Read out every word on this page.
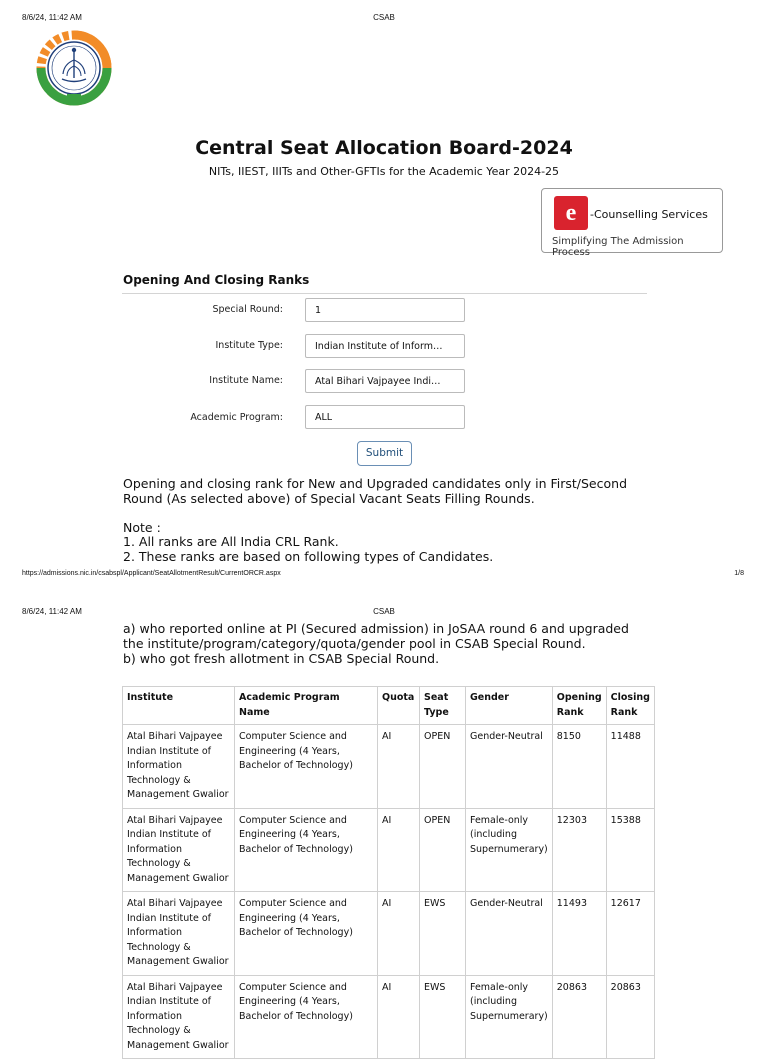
8/6/24, 11:42 AM	CSAB
Central Seat Allocation Board-2024
NITs, IIEST, IIITs and Other-GFTIs for the Academic Year 2024-25
e	-Counselling Services
Simplifying The Admission Process
Opening And Closing Ranks
Special Round:	1
Institute Type:	Indian Institute of Inform…
Institute Name:	Atal Bihari Vajpayee Indi…
Academic Program:	ALL
Submit
Opening and closing rank for New and Upgraded candidates only in First/Second Round (As selected above) of Special Vacant Seats Filling Rounds.
Note :
1. All ranks are All India CRL Rank.
2. These ranks are based on following types of Candidates.
https://admissions.nic.in/csabspl/Applicant/SeatAllotmentResult/CurrentORCR.aspx	1/8
8/6/24, 11:42 AM	CSAB
a) who reported online at PI (Secured admission) in JoSAA round 6 and upgraded the institute/program/category/quota/gender pool in CSAB Special Round.
b) who got fresh allotment in CSAB Special Round.
Institute	Academic Program Name	Quota	Seat Type	Gender	Opening Rank	Closing Rank
Atal Bihari Vajpayee Indian Institute of Information Technology & Management Gwalior	Computer Science and Engineering (4 Years, Bachelor of Technology)	AI	OPEN	Gender-Neutral	8150	11488
Atal Bihari Vajpayee Indian Institute of Information Technology & Management Gwalior	Computer Science and Engineering (4 Years, Bachelor of Technology)	AI	OPEN	Female-only (including Supernumerary)	12303	15388
Atal Bihari Vajpayee Indian Institute of Information Technology & Management Gwalior	Computer Science and Engineering (4 Years, Bachelor of Technology)	AI	EWS	Gender-Neutral	11493	12617
Atal Bihari Vajpayee Indian Institute of Information Technology & Management Gwalior	Computer Science and Engineering (4 Years, Bachelor of Technology)	AI	EWS	Female-only (including Supernumerary)	20863	20863
